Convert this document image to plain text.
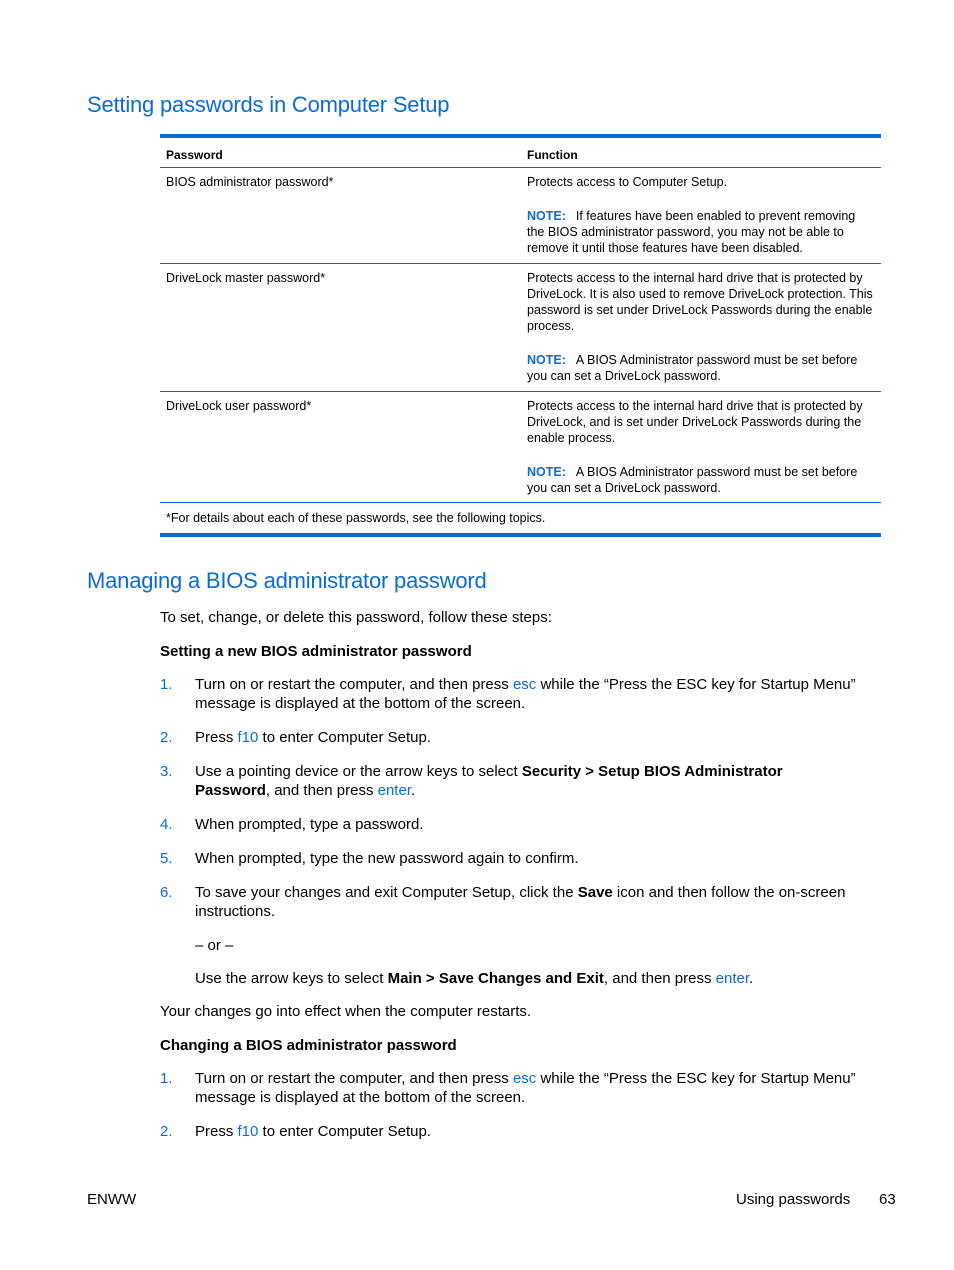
Setting passwords in Computer Setup
Password	Function
BIOS administrator password*	Protects access to Computer Setup.

NOTE: If features have been enabled to prevent removing the BIOS administrator password, you may not be able to remove it until those features have been disabled.

DriveLock master password*	Protects access to the internal hard drive that is protected by DriveLock. It is also used to remove DriveLock protection. This password is set under DriveLock Passwords during the enable process.

NOTE: A BIOS Administrator password must be set before you can set a DriveLock password.

DriveLock user password*	Protects access to the internal hard drive that is protected by DriveLock, and is set under DriveLock Passwords during the enable process.

NOTE: A BIOS Administrator password must be set before you can set a DriveLock password.

*For details about each of these passwords, see the following topics.
Managing a BIOS administrator password
To set, change, or delete this password, follow these steps:
Setting a new BIOS administrator password
1. Turn on or restart the computer, and then press esc while the “Press the ESC key for Startup Menu” message is displayed at the bottom of the screen.
2. Press f10 to enter Computer Setup.
3. Use a pointing device or the arrow keys to select Security > Setup BIOS Administrator Password, and then press enter.
4. When prompted, type a password.
5. When prompted, type the new password again to confirm.
6. To save your changes and exit Computer Setup, click the Save icon and then follow the on-screen instructions.
– or –
Use the arrow keys to select Main > Save Changes and Exit, and then press enter.
Your changes go into effect when the computer restarts.
Changing a BIOS administrator password
1. Turn on or restart the computer, and then press esc while the “Press the ESC key for Startup Menu” message is displayed at the bottom of the screen.
2. Press f10 to enter Computer Setup.
ENWW	Using passwords 63
